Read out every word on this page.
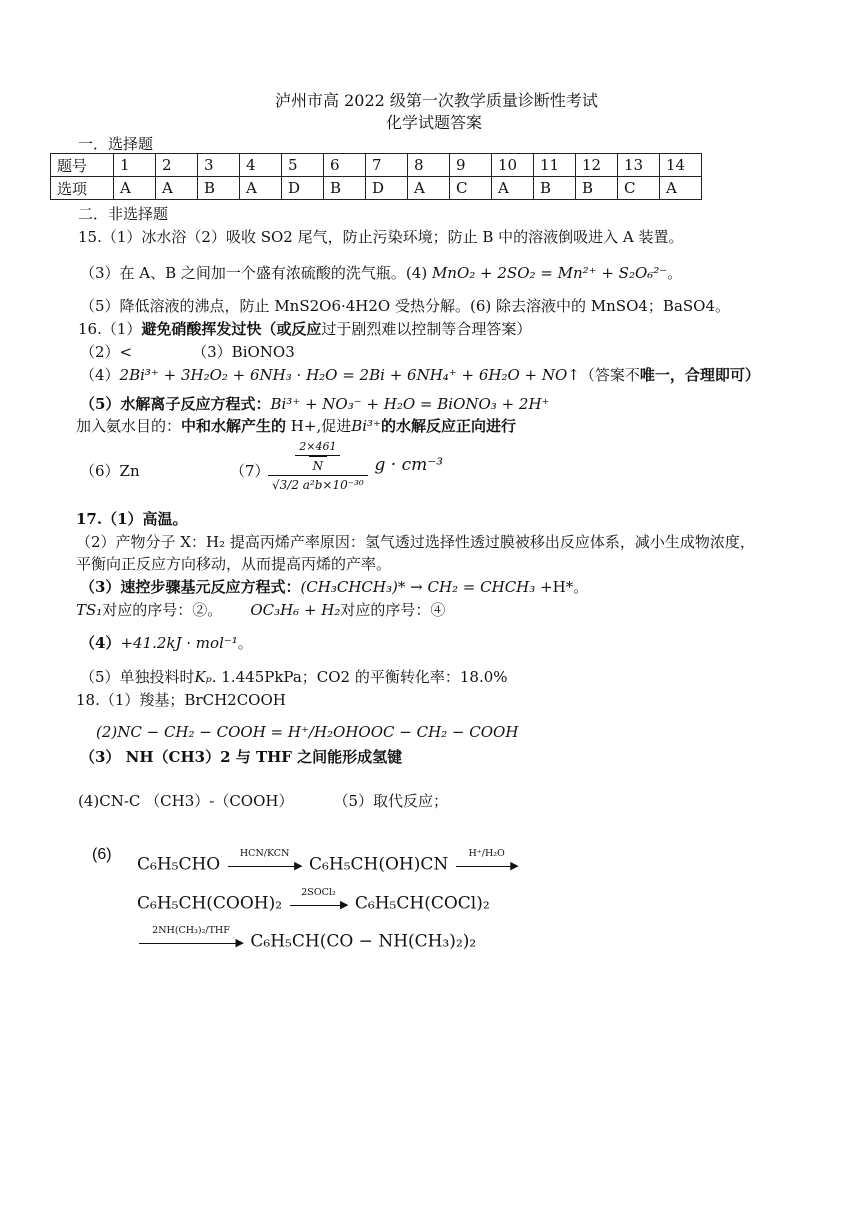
泸州市高 2022 级第一次教学质量诊断性考试
化学试题答案
一．选择题
题号	1	2	3	4	5	6	7	8	9	10	11	12	13	14
选项	A	A	B	A	D	B	D	A	C	A	B	B	C	A
二．非选择题
15.（1）冰水浴（2）吸收 SO2 尾气，防止污染环境；防止 B 中的溶液倒吸进入 A 装置。
（3）在 A、B 之间加一个盛有浓硫酸的洗气瓶。(4) MnO₂ + 2SO₂ = Mn²⁺ + S₂O₆²⁻。
（5）降低溶液的沸点，防止 MnS2O6·4H2O 受热分解。(6) 除去溶液中的 MnSO4；BaSO4。
16.（1）避免硝酸挥发过快（或反应过于剧烈难以控制等合理答案）
（2）<	（3）BiONO3
（4）2Bi³⁺ + 3H₂O₂ + 6NH₃ · H₂O = 2Bi + 6NH₄⁺ + 6H₂O + NO↑（答案不唯一，合理即可）
（5）水解离子反应方程式：Bi³⁺ + NO₃⁻ + H₂O = BiONO₃ + 2H⁺
加入氨水目的：中和水解产生的 H+,促进Bi³⁺的水解反应正向进行
（6）Zn	（7）
$\frac{\frac{2\times 461}{N}}{\text{√3/2 a²b×10⁻³⁰}}$ g · cm⁻³
17.（1）高温。
（2）产物分子 X：H₂ 提高丙烯产率原因：氢气透过选择性透过膜被移出反应体系，减小生成物浓度，
平衡向正反应方向移动，从而提高丙烯的产率。
（3）速控步骤基元反应方程式：(CH₃CHCH₃)* → CH₂ = CHCH₃ +H*。
TS₁对应的序号：②。 OC₃H₆ + H₂对应的序号：④
（4）+41.2kJ · mol⁻¹。
（5）单独投料时Kₚ. 1.445PkPa；CO2 的平衡转化率：18.0%
18.（1）羧基；BrCH2COOH
(2)NC − CH₂ − COOH = H⁺/H₂OHOOC − CH₂ − COOH
（3） NH（CH3）2 与 THF 之间能形成氢键
(4)CN-C （CH3）-（COOH）	（5）取代反应；
(6) C₆H₅CHO
HCN/KCN
▶ C₆H₅CH(OH)CN
H⁺/H₂O
▶
C₆H₅CH(COOH)₂
2SOCl₂
▶ C₆H₅CH(COCl)₂
2NH(CH₃)₂/THF
▶ C₆H₅CH(CO − NH(CH₃)₂)₂
